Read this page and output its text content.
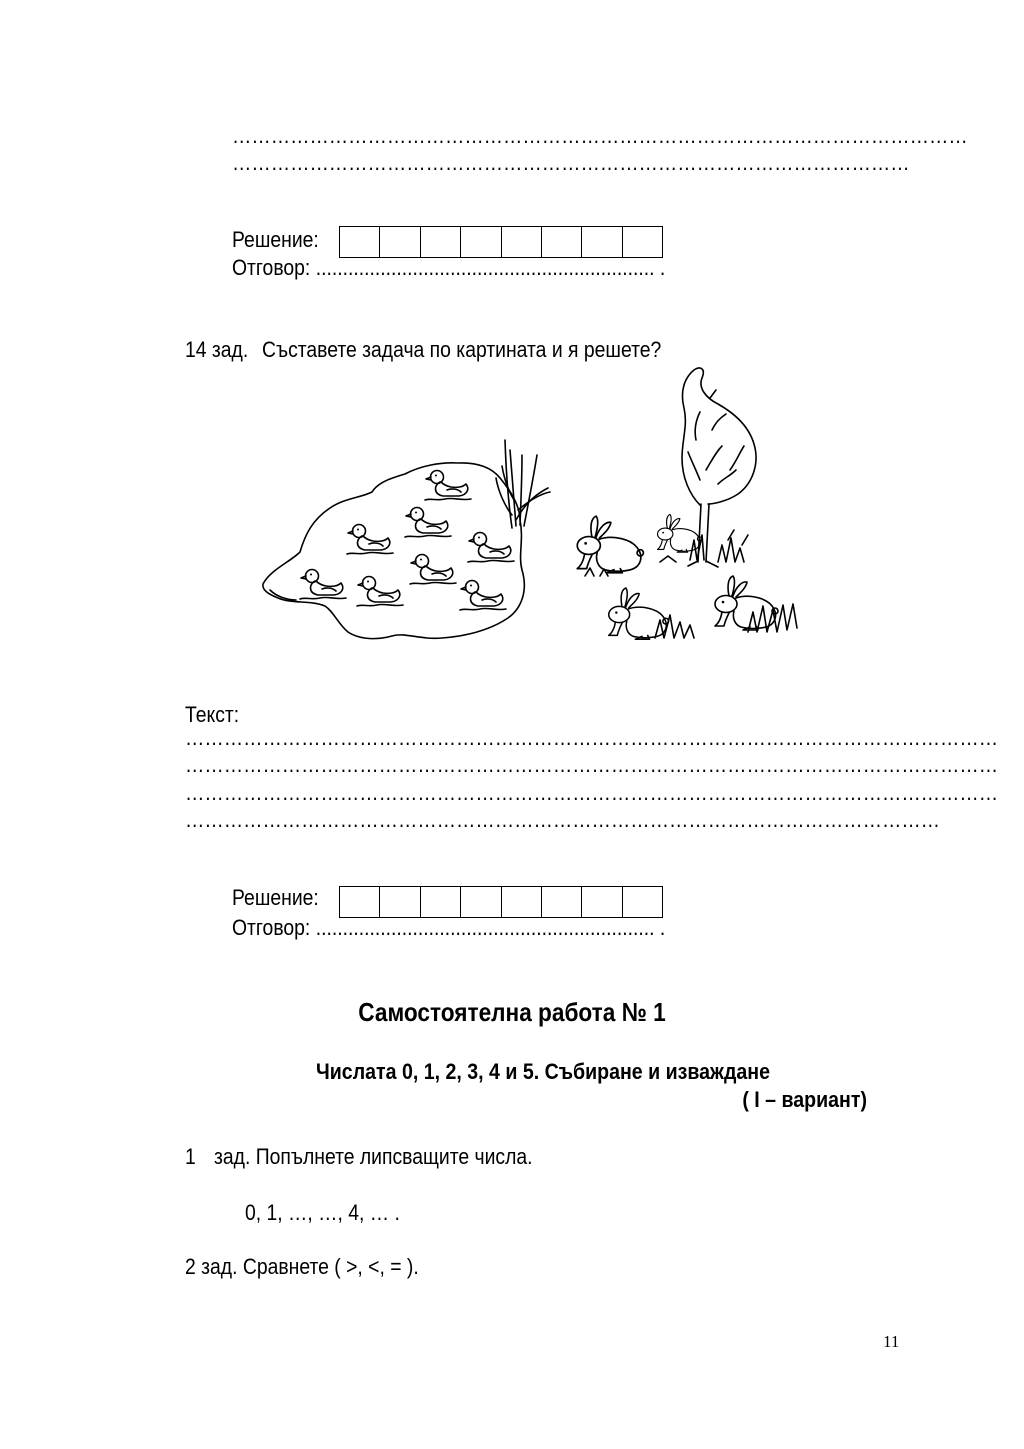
……………………………………………………………………………………………………
……………………………………………………………………………………………
Решение:
Отговор: ............................................................... .
14 зад. Съставете задача по картината и я решете?
Текст:
………………………………………………………………………………………………………………
………………………………………………………………………………………………………………
………………………………………………………………………………………………………………
………………………………………………………………………………………………………
Решение:
Отговор: ............................................................... .
Самостоятелна работа № 1
Числата 0, 1, 2, 3, 4 и 5. Събиране и изваждане
( I – вариант)
1 зад. Попълнете липсващите числа.
0, 1, …, …, 4, … .
2 зад. Сравнете ( >, <, = ).
11
